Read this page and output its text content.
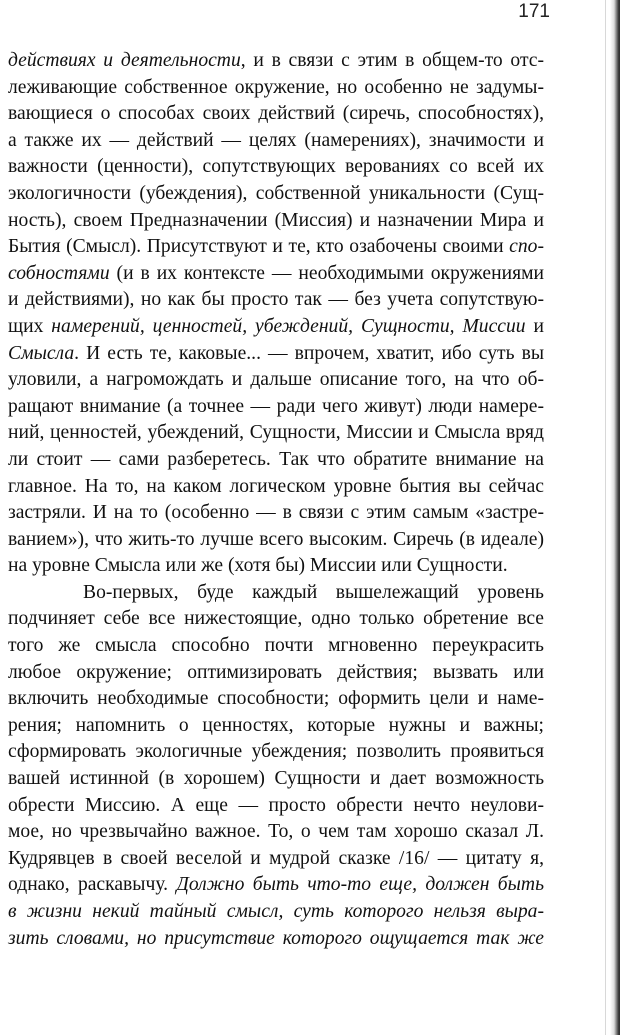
171
действиях и деятельности, и в связи с этим в общем-то отс-
леживающие собственное окружение, но особенно не задумы-
вающиеся о способах своих действий (сиречь, способностях),
а также их — действий — целях (намерениях), значимости и
важности (ценности), сопутствующих верованиях со всей их
экологичности (убеждения), собственной уникальности (Сущ-
ность), своем Предназначении (Миссия) и назначении Мира и
Бытия (Смысл). Присутствуют и те, кто озабочены своими спо-
собностями (и в их контексте — необходимыми окружениями
и действиями), но как бы просто так — без учета сопутствую-
щих намерений, ценностей, убеждений, Сущности, Миссии и
Смысла. И есть те, каковые... — впрочем, хватит, ибо суть вы
уловили, а нагромождать и дальше описание того, на что об-
ращают внимание (а точнее — ради чего живут) люди намере-
ний, ценностей, убеждений, Сущности, Миссии и Смысла вряд
ли стоит — сами разберетесь. Так что обратите внимание на
главное. На то, на каком логическом уровне бытия вы сейчас
застряли. И на то (особенно — в связи с этим самым «застре-
ванием»), что жить-то лучше всего высоким. Сиречь (в идеале)
на уровне Смысла или же (хотя бы) Миссии или Сущности.
Во-первых, буде каждый вышележащий уровень
подчиняет себе все нижестоящие, одно только обретение все
того же смысла способно почти мгновенно переукрасить
любое окружение; оптимизировать действия; вызвать или
включить необходимые способности; оформить цели и наме-
рения; напомнить о ценностях, которые нужны и важны;
сформировать экологичные убеждения; позволить проявиться
вашей истинной (в хорошем) Сущности и дает возможность
обрести Миссию. А еще — просто обрести нечто неулови-
мое, но чрезвычайно важное. То, о чем там хорошо сказал Л.
Кудрявцев в своей веселой и мудрой сказке /16/ — цитату я,
однако, раскавычу. Должно быть что-то еще, должен быть
в жизни некий тайный смысл, суть которого нельзя выра-
зить словами, но присутствие которого ощущается так же
